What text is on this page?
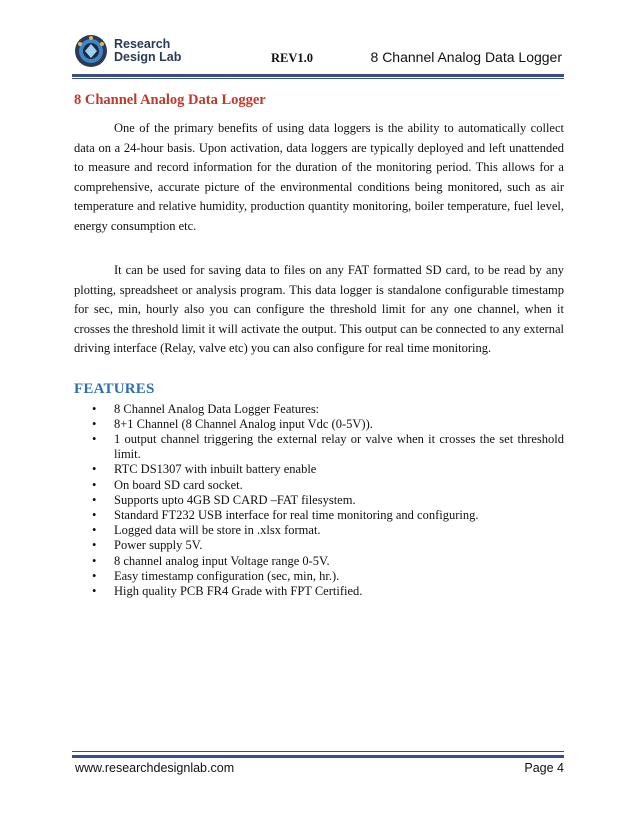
Research
Design Lab	REV1.0	8 Channel Analog Data Logger
8 Channel Analog Data Logger

One of the primary benefits of using data loggers is the ability to automatically collect data on a 24-hour basis. Upon activation, data loggers are typically deployed and left unattended to measure and record information for the duration of the monitoring period. This allows for a comprehensive, accurate picture of the environmental conditions being monitored, such as air temperature and relative humidity, production quantity monitoring, boiler temperature, fuel level, energy consumption etc.

It can be used for saving data to files on any FAT formatted SD card, to be read by any plotting, spreadsheet or analysis program. This data logger is standalone configurable timestamp for sec, min, hourly also you can configure the threshold limit for any one channel, when it crosses the threshold limit it will activate the output. This output can be connected to any external driving interface (Relay, valve etc) you can also configure for real time monitoring.

FEATURES
• 8 Channel Analog Data Logger Features:
• 8+1 Channel (8 Channel Analog input Vdc (0-5V)).
• 1 output channel triggering the external relay or valve when it crosses the set threshold limit.
• RTC DS1307 with inbuilt battery enable
• On board SD card socket.
• Supports upto 4GB SD CARD –FAT filesystem.
• Standard FT232 USB interface for real time monitoring and configuring.
• Logged data will be store in .xlsx format.
• Power supply 5V.
• 8 channel analog input Voltage range 0-5V.
• Easy timestamp configuration (sec, min, hr.).
• High quality PCB FR4 Grade with FPT Certified.
www.researchdesignlab.com	Page 4
